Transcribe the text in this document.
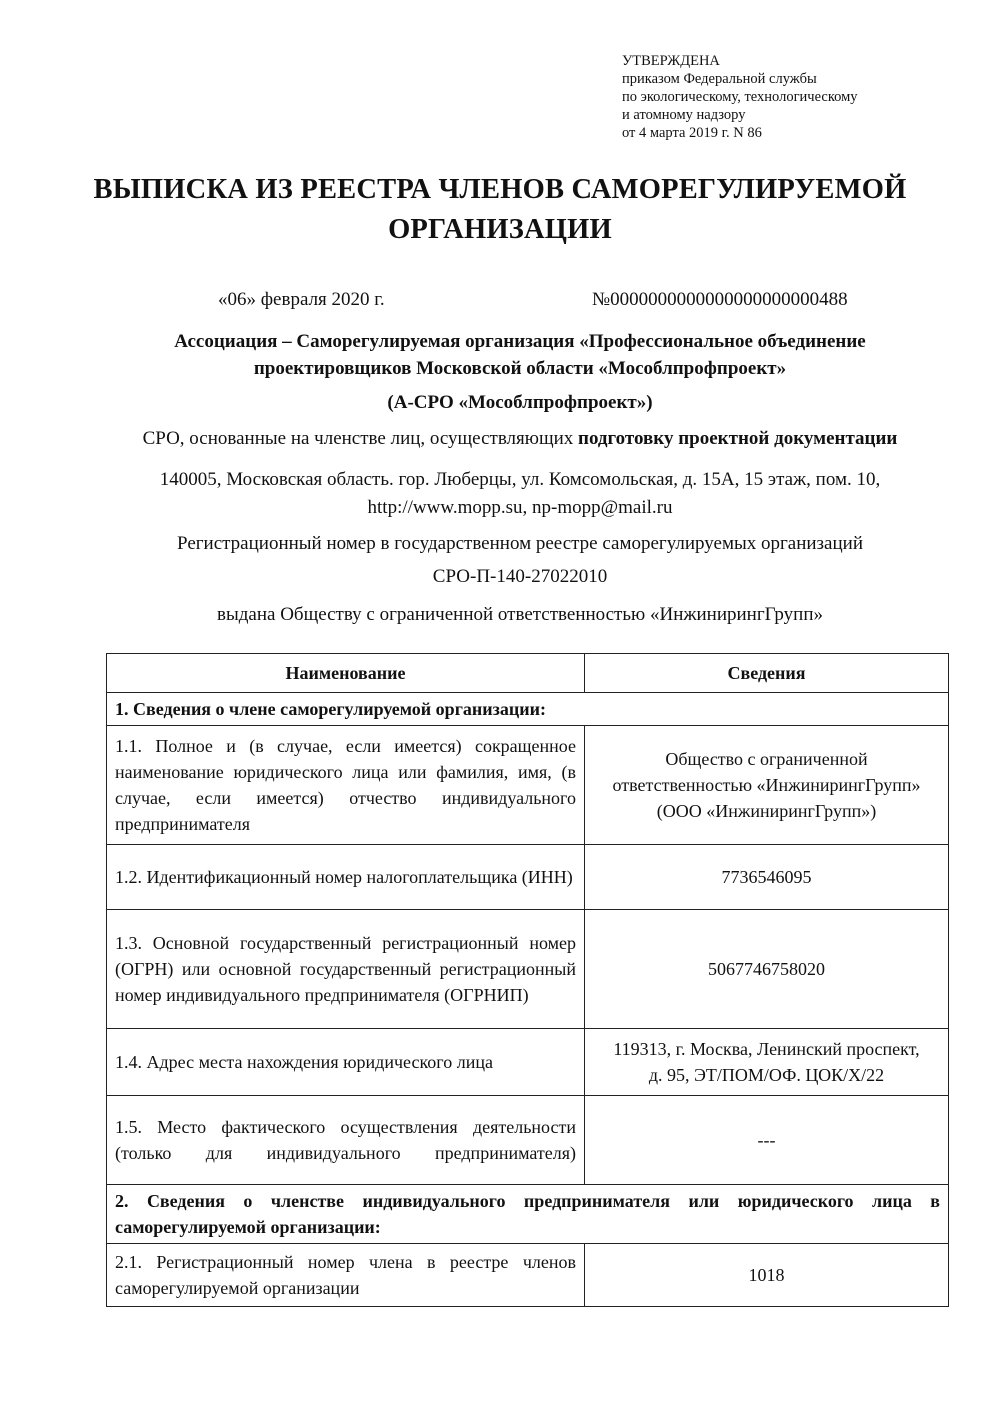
УТВЕРЖДЕНА
приказом Федеральной службы
по экологическому, технологическому
и атомному надзору
от 4 марта 2019 г. N 86
ВЫПИСКА ИЗ РЕЕСТРА ЧЛЕНОВ САМОРЕГУЛИРУЕМОЙ
ОРГАНИЗАЦИИ
«06» февраля 2020 г.	№0000000000000000000000488
Ассоциация – Саморегулируемая организация «Профессиональное объединение
проектировщиков Московской области «Мособлпрофпроект»
(А-СРО «Мособлпрофпроект»)
СРО, основанные на членстве лиц, осуществляющих подготовку проектной документации
140005, Московская область. гор. Люберцы, ул. Комсомольская, д. 15А, 15 этаж, пом. 10,
http://www.mopp.su, np-mopp@mail.ru
Регистрационный номер в государственном реестре саморегулируемых организаций
СРО-П-140-27022010
выдана Обществу с ограниченной ответственностью «ИнжинирингГрупп»
Наименование	Сведения
1. Сведения о члене саморегулируемой организации:	
1.1. Полное и (в случае, если имеется) сокращенное наименование юридического лица или фамилия, имя, (в случае, если имеется) отчество индивидуального предпринимателя	Общество с ограниченной
ответственностью «ИнжинирингГрупп»
(ООО «ИнжинирингГрупп»)

1.2. Идентификационный номер налогоплательщика (ИНН)	7736546095
1.3. Основной государственный регистрационный номер (ОГРН) или основной государственный регистрационный номер индивидуального предпринимателя (ОГРНИП)	5067746758020
1.4. Адрес места нахождения юридического лица	119313, г. Москва, Ленинский проспект,
д. 95, ЭТ/ПОМ/ОФ. ЦОК/Х/22

1.5. Место фактического осуществления деятельности (только для индивидуального предпринимателя)	---
2. Сведения о членстве индивидуального предпринимателя или юридического лица в саморегулируемой организации:	
2.1. Регистрационный номер члена в реестре членов саморегулируемой организации	1018
